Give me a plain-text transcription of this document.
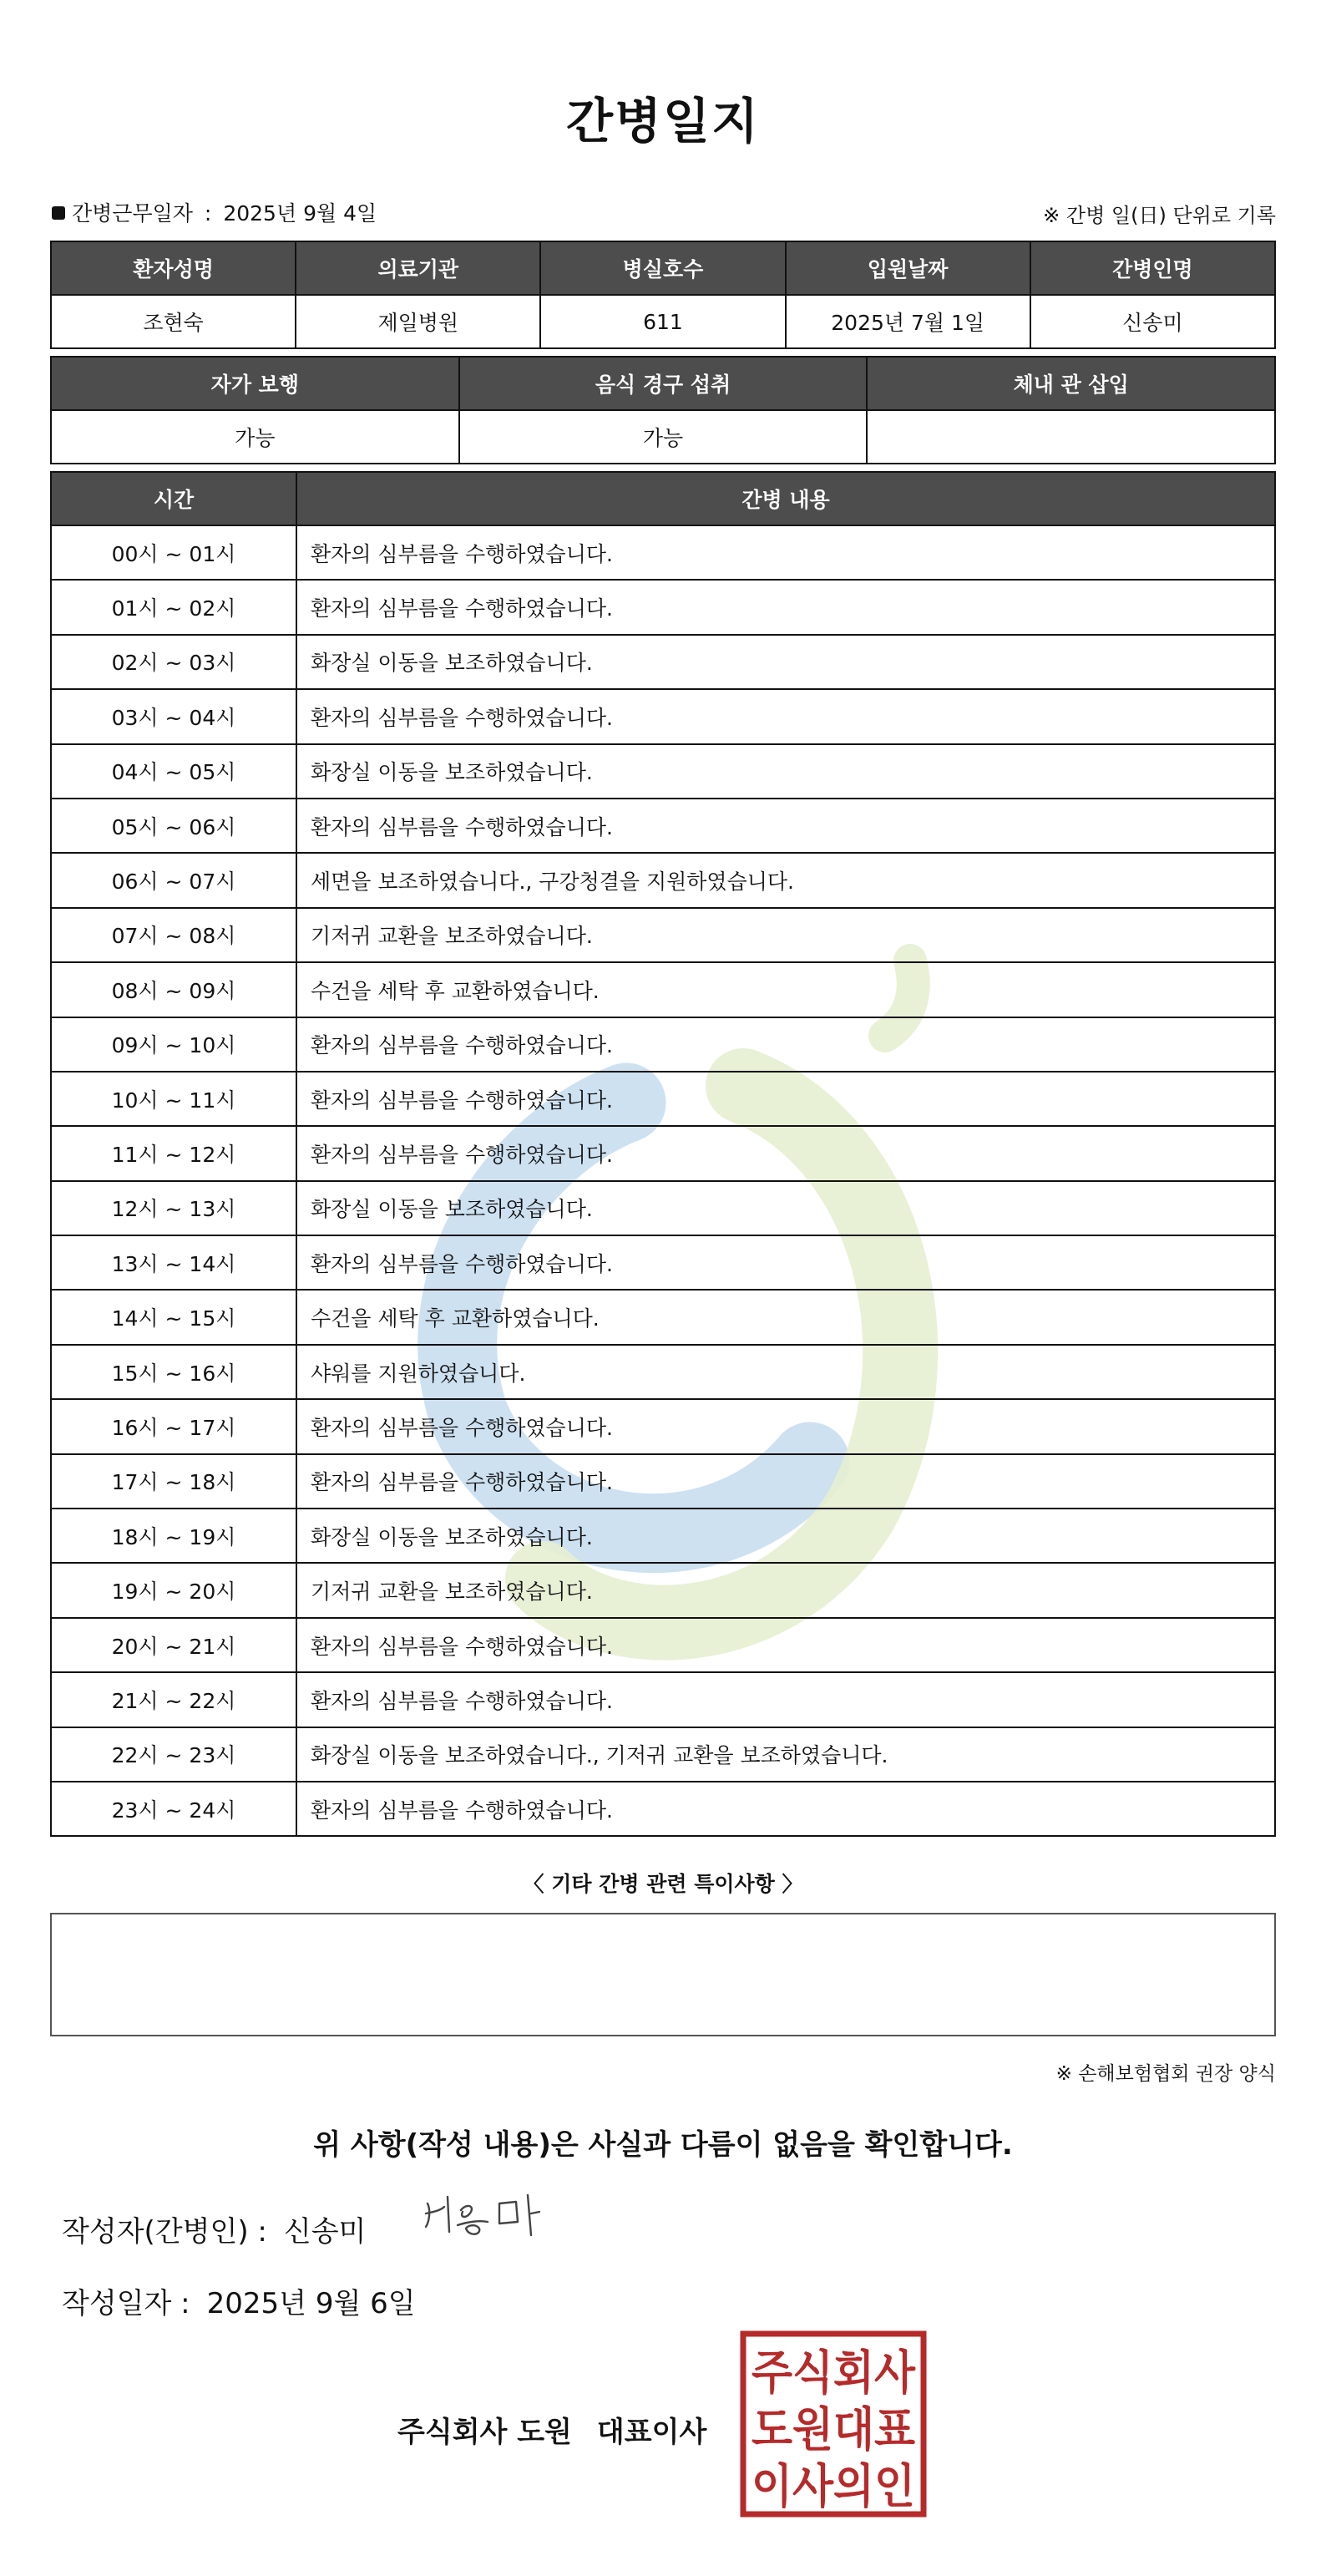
간병일지
간병근무일자 : 2025년 9월 4일	※ 간병 일(日) 단위로 기록
환자성명	의료기관	병실호수	입원날짜	간병인명
조현숙	제일병원	611	2025년 7월 1일	신송미
자가 보행	음식 경구 섭취	체내 관 삽입
가능	가능	
시간	간병 내용
00시 ~ 01시	환자의 심부름을 수행하였습니다.
01시 ~ 02시	환자의 심부름을 수행하였습니다.
02시 ~ 03시	화장실 이동을 보조하였습니다.
03시 ~ 04시	환자의 심부름을 수행하였습니다.
04시 ~ 05시	화장실 이동을 보조하였습니다.
05시 ~ 06시	환자의 심부름을 수행하였습니다.
06시 ~ 07시	세면을 보조하였습니다., 구강청결을 지원하였습니다.
07시 ~ 08시	기저귀 교환을 보조하였습니다.
08시 ~ 09시	수건을 세탁 후 교환하였습니다.
09시 ~ 10시	환자의 심부름을 수행하였습니다.
10시 ~ 11시	환자의 심부름을 수행하였습니다.
11시 ~ 12시	환자의 심부름을 수행하였습니다.
12시 ~ 13시	화장실 이동을 보조하였습니다.
13시 ~ 14시	환자의 심부름을 수행하였습니다.
14시 ~ 15시	수건을 세탁 후 교환하였습니다.
15시 ~ 16시	샤워를 지원하였습니다.
16시 ~ 17시	환자의 심부름을 수행하였습니다.
17시 ~ 18시	환자의 심부름을 수행하였습니다.
18시 ~ 19시	화장실 이동을 보조하였습니다.
19시 ~ 20시	기저귀 교환을 보조하였습니다.
20시 ~ 21시	환자의 심부름을 수행하였습니다.
21시 ~ 22시	환자의 심부름을 수행하였습니다.
22시 ~ 23시	화장실 이동을 보조하였습니다., 기저귀 교환을 보조하였습니다.
23시 ~ 24시	환자의 심부름을 수행하였습니다.
〈 기타 간병 관련 특이사항 〉
※ 손해보험협회 권장 양식
위 사항(작성 내용)은 사실과 다름이 없음을 확인합니다.
작성자(간병인) : 신송미
작성일자 : 2025년 9월 6일
주식회사 도원 대표이사
주식회사
도원대표
이사의인
